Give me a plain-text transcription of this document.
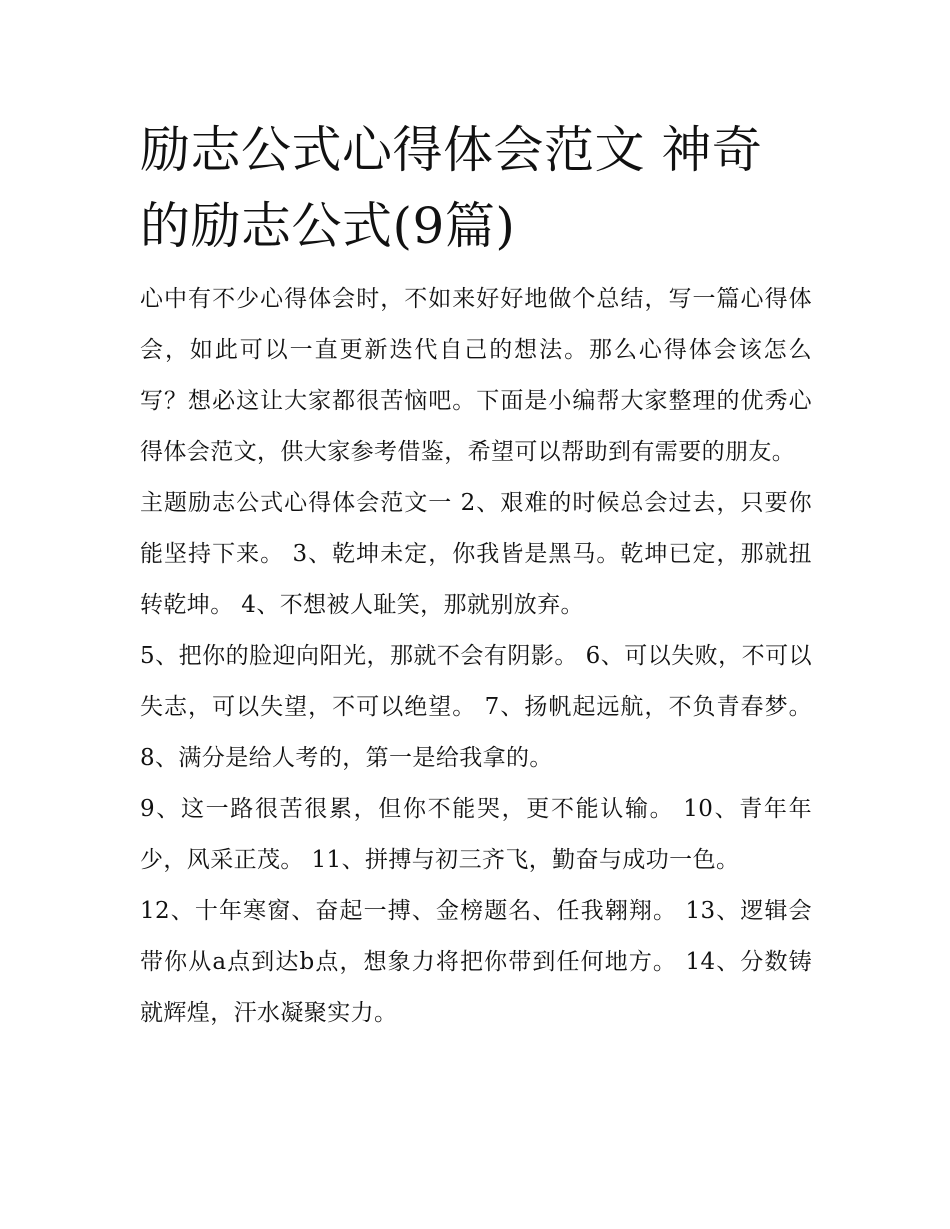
励志公式心得体会范文 神奇的励志公式(9篇)

心中有不少心得体会时，不如来好好地做个总结，写一篇心得体会，如此可以一直更新迭代自己的想法。那么心得体会该怎么写？想必这让大家都很苦恼吧。下面是小编帮大家整理的优秀心得体会范文，供大家参考借鉴，希望可以帮助到有需要的朋友。

主题励志公式心得体会范文一 2、艰难的时候总会过去，只要你能坚持下来。 3、乾坤未定，你我皆是黑马。乾坤已定，那就扭转乾坤。 4、不想被人耻笑，那就别放弃。

5、把你的脸迎向阳光，那就不会有阴影。 6、可以失败，不可以失志，可以失望，不可以绝望。 7、扬帆起远航，不负青春梦。 8、满分是给人考的，第一是给我拿的。

9、这一路很苦很累，但你不能哭，更不能认输。 10、青年年少，风采正茂。 11、拼搏与初三齐飞，勤奋与成功一色。

12、十年寒窗、奋起一搏、金榜题名、任我翱翔。 13、逻辑会带你从a点到达b点，想象力将把你带到任何地方。 14、分数铸就辉煌，汗水凝聚实力。
